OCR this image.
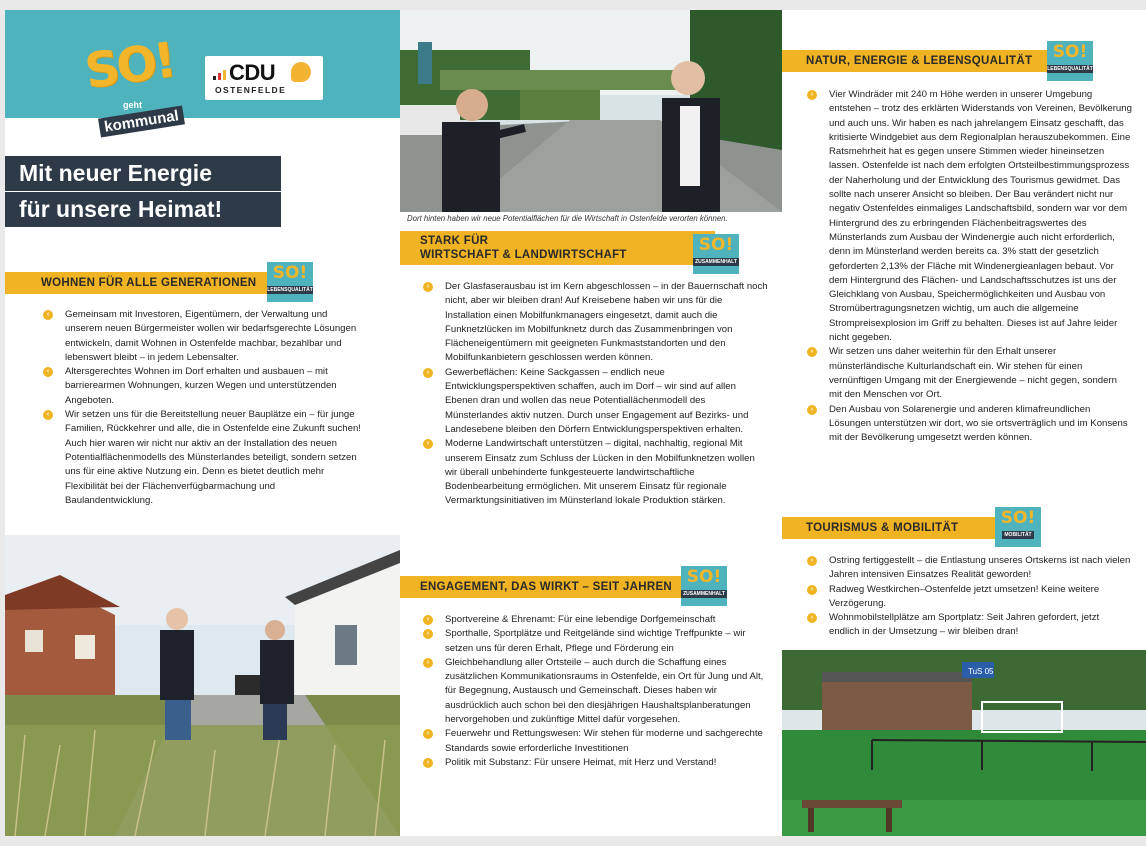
SO!
geht
kommunal
CDU
OSTENFELDE
Mit neuer Energie
für unsere Heimat!
WOHNEN FÜR ALLE GENERATIONEN SO!
LEBENSQUALITÄT
‹	Gemeinsam mit Investoren, Eigentümern, der Verwaltung und unserem neuen Bürgermeister wollen wir bedarfsgerechte Lösungen entwickeln, damit Wohnen in Ostenfelde machbar, bezahlbar und lebenswert bleibt – in jedem Lebensalter.
‹	Altersgerechtes Wohnen im Dorf erhalten und ausbauen – mit barrierearmen Wohnungen, kurzen Wegen und unterstützenden Angeboten.
‹	Wir setzen uns für die Bereitstellung neuer Bauplätze ein – für junge Familien, Rückkehrer und alle, die in Ostenfelde eine Zukunft suchen! Auch hier waren wir nicht nur aktiv an der Installation des neuen Potentialflächenmodells des Münsterlandes beteiligt, sondern setzen uns für eine aktive Nutzung ein. Denn es bietet deutlich mehr Flexibilität bei der Flächenverfügbarmachung und Baulandentwicklung.
Dort hinten haben wir neue Potentialflächen für die Wirtschaft in Ostenfelde verorten können.
STARK FÜR
WIRTSCHAFT & LANDWIRTSCHAFT	SO!
ZUSAMMENHALT
‹	Der Glasfaserausbau ist im Kern abgeschlossen – in der Bauernschaft noch nicht, aber wir bleiben dran! Auf Kreisebene haben wir uns für die Installation einen Mobilfunkmanagers eingesetzt, damit auch die Funknetzlücken im Mobilfunknetz durch das Zusammenbringen von Flächeneigentümern mit geeigneten Funkmaststandorten und den Mobilfunkanbietern geschlossen werden können.
‹	Gewerbeflächen: Keine Sackgassen – endlich neue Entwicklungsperspektiven schaffen, auch im Dorf – wir sind auf allen Ebenen dran und wollen das neue Potentiallächenmodell des Münsterlandes aktiv nutzen. Durch unser Engagement auf Bezirks- und Landesebene bleiben den Dörfern Entwicklungsperspektiven erhalten.
‹	Moderne Landwirtschaft unterstützen – digital, nachhaltig, regional Mit unserem Einsatz zum Schluss der Lücken in den Mobilfunknetzen wollen wir überall unbehinderte funkgesteuerte landwirtschaftliche Bodenbearbeitung ermöglichen. Mit unserem Einsatz für regionale Vermarktungsinitiativen im Münsterland lokale Produktion stärken.
ENGAGEMENT, DAS WIRKT – SEIT JAHREN SO!
ZUSAMMENHALT
‹	Sportvereine & Ehrenamt: Für eine lebendige Dorfgemeinschaft
‹	Sporthalle, Sportplätze und Reitgelände sind wichtige Treffpunkte – wir setzen uns für deren Erhalt, Pflege und Förderung ein
‹	Gleichbehandlung aller Ortsteile – auch durch die Schaffung eines zusätzlichen Kommunikationsraums in Ostenfelde, ein Ort für Jung und Alt, für Begegnung, Austausch und Gemeinschaft. Dieses haben wir ausdrücklich auch schon bei den diesjährigen Haushaltsplanberatungen hervorgehoben und zukünftige Mittel dafür vorgesehen.
‹	Feuerwehr und Rettungswesen: Wir stehen für moderne und sachgerechte Standards sowie erforderliche Investitionen
‹	Politik mit Substanz: Für unsere Heimat, mit Herz und Verstand!
NATUR, ENERGIE & LEBENSQUALITÄT	SO!
LEBENSQUALITÄT
‹	Vier Windräder mit 240 m Höhe werden in unserer Umgebung entstehen – trotz des erklärten Widerstands von Vereinen, Bevölkerung und auch uns. Wir haben es nach jahrelangem Einsatz geschafft, das kritisierte Windgebiet aus dem Regionalplan herauszubekommen. Eine Ratsmehrheit hat es gegen unsere Stimmen wieder hineinsetzen lassen. Ostenfelde ist nach dem erfolgten Ortsteilbestimmungsprozess der Naherholung und der Entwicklung des Tourismus gewidmet. Das sollte nach unserer Ansicht so bleiben. Der Bau verändert nicht nur negativ Ostenfeldes einmaliges Landschaftsbild, sondern war vor dem Hintergrund des zu erbringenden Flächenbeitragswertes des Münsterlands zum Ausbau der Windenergie auch nicht erforderlich, denn im Münsterland werden bereits ca. 3% statt der gesetzlich geforderten 2,13% der Fläche mit Windenergieanlagen bebaut. Vor dem Hintergrund des Flächen- und Landschaftsschutzes ist uns der Gleichklang von Ausbau, Speichermöglichkeiten und Ausbau von Stromübertragungsnetzen wichtig, um auch die allgemeine Strompreisexplosion im Griff zu behalten. Dieses ist auf Jahre leider nicht gegeben.
‹	Wir setzen uns daher weiterhin für den Erhalt unserer münsterländische Kulturlandschaft ein. Wir stehen für einen vernünftigen Umgang mit der Energiewende – nicht gegen, sondern mit den Menschen vor Ort.
‹	Den Ausbau von Solarenergie und anderen klimafreundlichen Lösungen unterstützen wir dort, wo sie ortsverträglich und im Konsens mit der Bevölkerung umgesetzt werden können.
TOURISMUS & MOBILITÄT	SO!
MOBILITÄT
‹	Ostring fertiggestellt – die Entlastung unseres Ortskerns ist nach vielen Jahren intensiven Einsatzes Realität geworden!
‹	Radweg Westkirchen–Ostenfelde jetzt umsetzen! Keine weitere Verzögerung.
‹	Wohnmobilstellplätze am Sportplatz: Seit Jahren gefordert, jetzt endlich in der Umsetzung – wir bleiben dran!
TuS 05
